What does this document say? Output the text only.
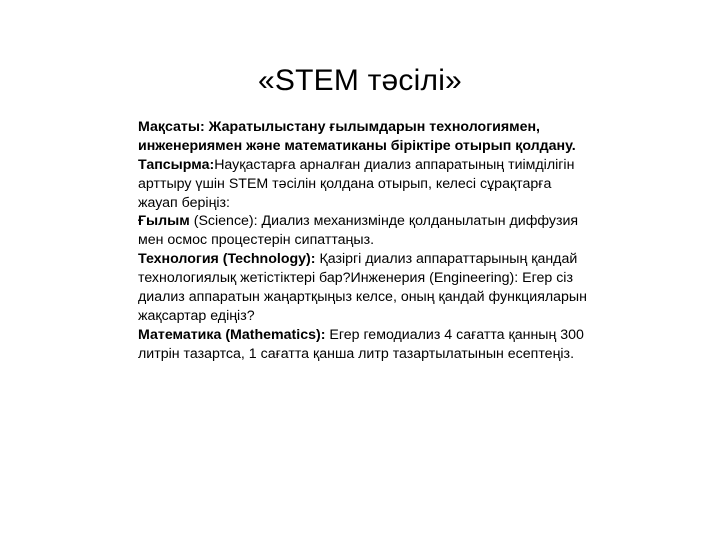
«STEM тәсілі»

Мақсаты: Жаратылыстану ғылымдарын технологиямен, инженериямен және математиканы біріктіре отырып қолдану.

Тапсырма:Науқастарға арналған диализ аппаратының тиімділігін арттыру үшін STEM тәсілін қолдана отырып, келесі сұрақтарға жауап беріңіз:

Ғылым (Science): Диализ механизмінде қолданылатын диффузия мен осмос процестерін сипаттаңыз.

Технология (Technology): Қазіргі диализ аппараттарының қандай технологиялық жетістіктері бар?Инженерия (Engineering): Егер сіз диализ аппаратын жаңартқыңыз келсе, оның қандай функцияларын жақсартар едіңіз?

Математика (Mathematics): Егер гемодиализ 4 сағатта қанның 300 литрін тазартса, 1 сағатта қанша литр тазартылатынын есептеңіз.
